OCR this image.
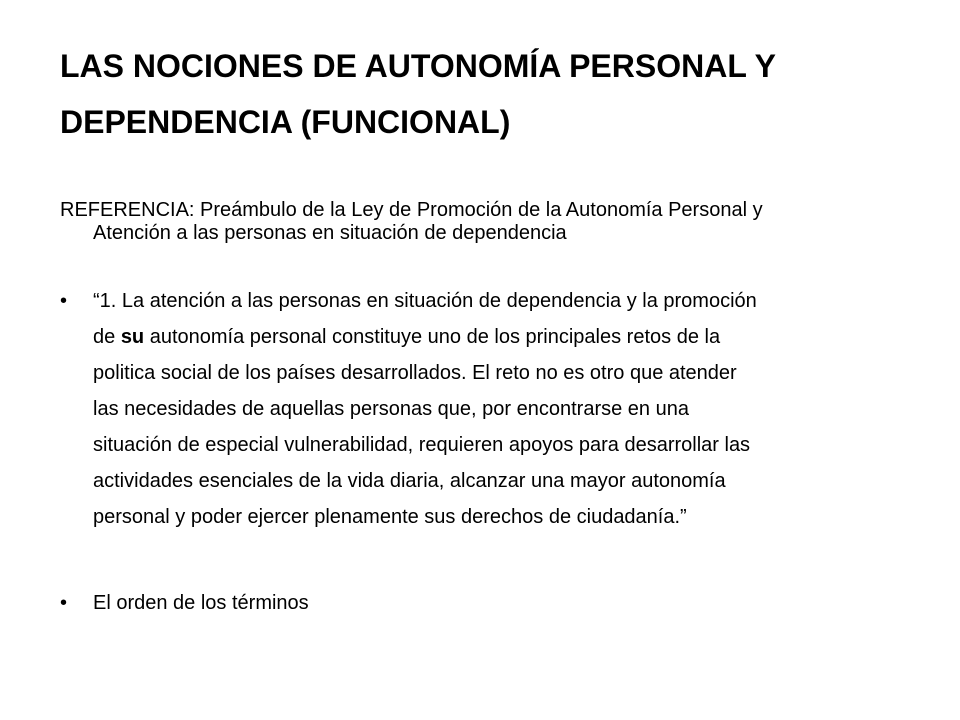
LAS NOCIONES DE AUTONOMÍA PERSONAL Y
DEPENDENCIA (FUNCIONAL)
REFERENCIA: Preámbulo de la Ley de Promoción de la Autonomía Personal y
Atención a las personas en situación de dependencia
• “1. La atención a las personas en situación de dependencia y la promoción
de su autonomía personal constituye uno de los principales retos de la
politica social de los países desarrollados. El reto no es otro que atender
las necesidades de aquellas personas que, por encontrarse en una
situación de especial vulnerabilidad, requieren apoyos para desarrollar las
actividades esenciales de la vida diaria, alcanzar una mayor autonomía
personal y poder ejercer plenamente sus derechos de ciudadanía.”
• El orden de los términos
